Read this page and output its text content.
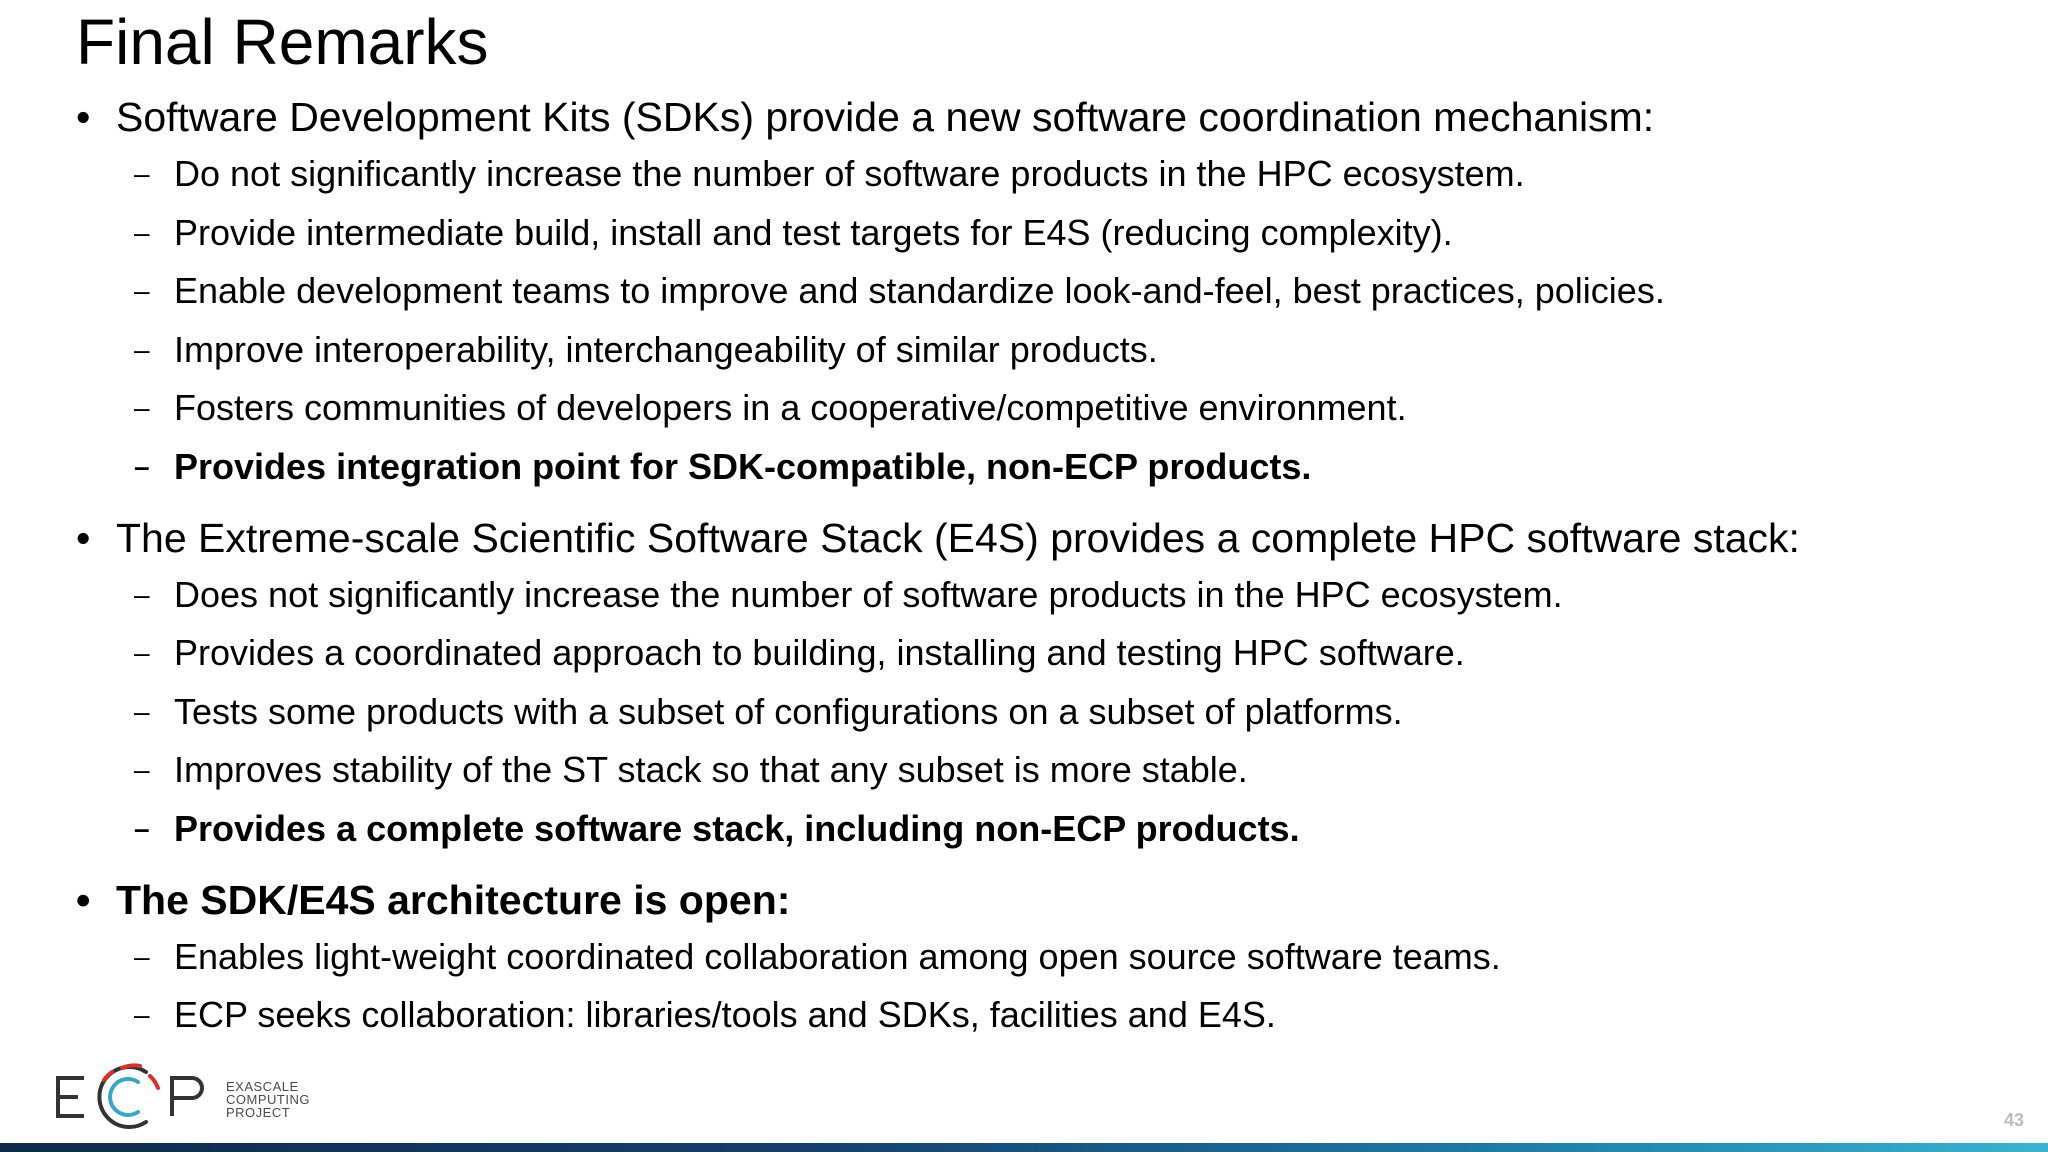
Final Remarks
• Software Development Kits (SDKs) provide a new software coordination mechanism:
– Do not significantly increase the number of software products in the HPC ecosystem.
– Provide intermediate build, install and test targets for E4S (reducing complexity).
– Enable development teams to improve and standardize look-and-feel, best practices, policies.
– Improve interoperability, interchangeability of similar products.
– Fosters communities of developers in a cooperative/competitive environment.
– Provides integration point for SDK-compatible, non-ECP products.
• The Extreme-scale Scientific Software Stack (E4S) provides a complete HPC software stack:
– Does not significantly increase the number of software products in the HPC ecosystem.
– Provides a coordinated approach to building, installing and testing HPC software.
– Tests some products with a subset of configurations on a subset of platforms.
– Improves stability of the ST stack so that any subset is more stable.
– Provides a complete software stack, including non-ECP products.
• The SDK/E4S architecture is open:
– Enables light-weight coordinated collaboration among open source software teams.
– ECP seeks collaboration: libraries/tools and SDKs, facilities and E4S.
EXASCALE
COMPUTING
PROJECT	43
